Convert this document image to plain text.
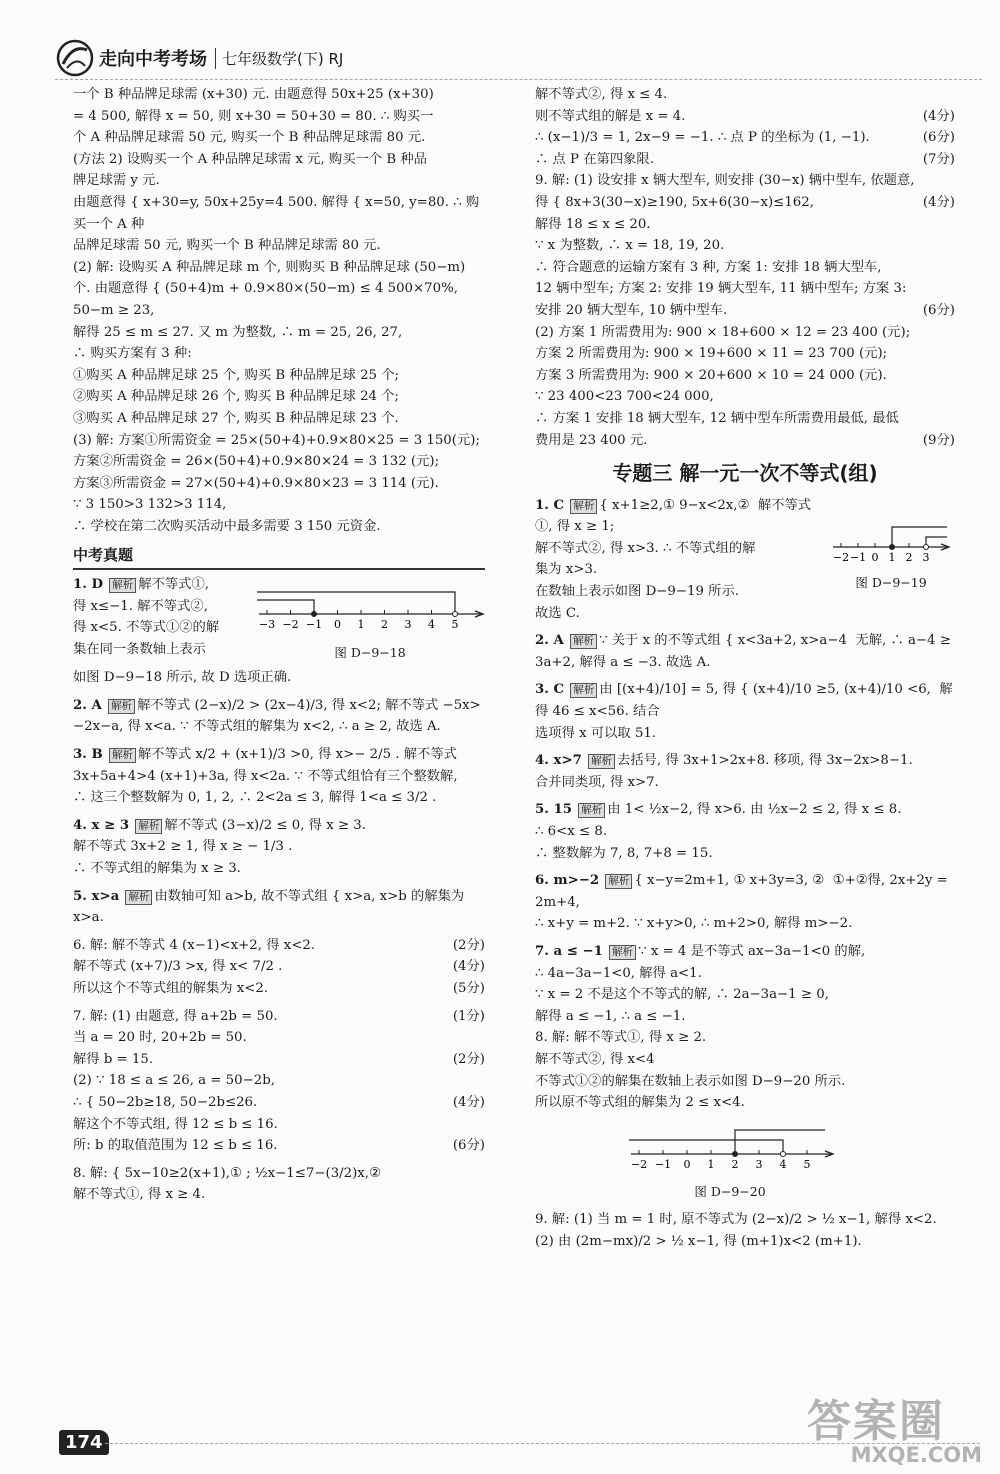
走向中考考场	七年级数学(下) RJ

一个 B 种品牌足球需 (x+30) 元. 由题意得 50x+25 (x+30)

= 4 500, 解得 x = 50, 则 x+30 = 50+30 = 80. ∴ 购买一

个 A 种品牌足球需 50 元, 购买一个 B 种品牌足球需 80 元.

(方法 2) 设购买一个 A 种品牌足球需 x 元, 购买一个 B 种品

牌足球需 y 元.

由题意得 { x+30=y, 50x+25y=4 500. 解得 { x=50, y=80. ∴ 购买一个 A 种

品牌足球需 50 元, 购买一个 B 种品牌足球需 80 元.

(2) 解: 设购买 A 种品牌足球 m 个, 则购买 B 种品牌足球 (50−m)

个. 由题意得 { (50+4)m + 0.9×80×(50−m) ≤ 4 500×70%, 50−m ≥ 23,

解得 25 ≤ m ≤ 27. 又 m 为整数, ∴ m = 25, 26, 27,

∴ 购买方案有 3 种:

①购买 A 种品牌足球 25 个, 购买 B 种品牌足球 25 个;

②购买 A 种品牌足球 26 个, 购买 B 种品牌足球 24 个;

③购买 A 种品牌足球 27 个, 购买 B 种品牌足球 23 个.

(3) 解: 方案①所需资金 = 25×(50+4)+0.9×80×25 = 3 150(元);

方案②所需资金 = 26×(50+4)+0.9×80×24 = 3 132 (元);

方案③所需资金 = 27×(50+4)+0.9×80×23 = 3 114 (元).

∵ 3 150>3 132>3 114,

∴ 学校在第二次购买活动中最多需要 3 150 元资金.

中考真题

1. D 解析 解不等式①,

得 x≤−1. 解不等式②,

得 x<5. 不等式①②的解

集在同一条数轴上表示

−3 −2 −1 0 1 2 3 4 5
图 D−9−18

如图 D−9−18 所示, 故 D 选项正确.

2. A 解析 解不等式 (2−x)/2 > (2x−4)/3, 得 x<2; 解不等式 −5x>

−2x−a, 得 x<a. ∵ 不等式组的解集为 x<2, ∴ a ≥ 2, 故选 A.

3. B 解析 解不等式 x/2 + (x+1)/3 >0, 得 x>− 2/5 . 解不等式

3x+5a+4>4 (x+1)+3a, 得 x<2a. ∵ 不等式组恰有三个整数解,

∴ 这三个整数解为 0, 1, 2, ∴ 2<2a ≤ 3, 解得 1<a ≤ 3/2 .

4. x ≥ 3 解析 解不等式 (3−x)/2 ≤ 0, 得 x ≥ 3.

解不等式 3x+2 ≥ 1, 得 x ≥ − 1/3 .

∴ 不等式组的解集为 x ≥ 3.

5. x>a 解析 由数轴可知 a>b, 故不等式组 { x>a, x>b 的解集为 x>a.

6. 解: 解不等式 4 (x−1)<x+2, 得 x<2.	(2分)
解不等式 (x+7)/3 >x, 得 x< 7/2 .	(4分)
所以这个不等式组的解集为 x<2.	(5分)
7. 解: (1) 由题意, 得 a+2b = 50.	(1分)
当 a = 20 时, 20+2b = 50.
解得 b = 15.	(2分)
(2) ∵ 18 ≤ a ≤ 26, a = 50−2b,
∴ { 50−2b≥18, 50−2b≤26.	(4分)
解这个不等式组, 得 12 ≤ b ≤ 16.
所: b 的取值范围为 12 ≤ b ≤ 16.	(6分)

8. 解: { 5x−10≥2(x+1),① ; ½x−1≤7−(3/2)x,②

解不等式①, 得 x ≥ 4.

解不等式②, 得 x ≤ 4.
则不等式组的解是 x = 4.	(4分)
∴ (x−1)/3 = 1, 2x−9 = −1. ∴ 点 P 的坐标为 (1, −1).	(6分)
∴ 点 P 在第四象限.	(7分)
9. 解: (1) 设安排 x 辆大型车, 则安排 (30−x) 辆中型车, 依题意,
得 { 8x+3(30−x)≥190, 5x+6(30−x)≤162,	(4分)
解得 18 ≤ x ≤ 20.
∵ x 为整数, ∴ x = 18, 19, 20.
∴ 符合题意的运输方案有 3 种, 方案 1: 安排 18 辆大型车,
12 辆中型车; 方案 2: 安排 19 辆大型车, 11 辆中型车; 方案 3:
安排 20 辆大型车, 10 辆中型车.	(6分)
(2) 方案 1 所需费用为: 900 × 18+600 × 12 = 23 400 (元);
方案 2 所需费用为: 900 × 19+600 × 11 = 23 700 (元);
方案 3 所需费用为: 900 × 20+600 × 10 = 24 000 (元).
∵ 23 400<23 700<24 000,
∴ 方案 1 安排 18 辆大型车, 12 辆中型车所需费用最低, 最低
费用是 23 400 元.	(9分)
专题三 解一元一次不等式(组)

1. C 解析 { x+1≥2,① 9−x<2x,②  解不等式①, 得 x ≥ 1;

解不等式②, 得 x>3. ∴ 不等式组的解

集为 x>3.

在数轴上表示如图 D−9−19 所示.

故选 C.

−2 −1 0 1 2 3
图 D−9−19

2. A 解析 ∵ 关于 x 的不等式组 { x<3a+2, x>a−4  无解, ∴ a−4 ≥

3a+2, 解得 a ≤ −3. 故选 A.

3. C 解析 由 [(x+4)/10] = 5, 得 { (x+4)/10 ≥5, (x+4)/10 <6,  解得 46 ≤ x<56. 结合

选项得 x 可以取 51.

4. x>7 解析 去括号, 得 3x+1>2x+8. 移项, 得 3x−2x>8−1.

合并同类项, 得 x>7.

5. 15 解析 由 1< ½x−2, 得 x>6. 由 ½x−2 ≤ 2, 得 x ≤ 8.

∴ 6<x ≤ 8.

∴ 整数解为 7, 8, 7+8 = 15.

6. m>−2 解析 { x−y=2m+1, ① x+3y=3, ②  ①+②得, 2x+2y = 2m+4,

∴ x+y = m+2. ∵ x+y>0, ∴ m+2>0, 解得 m>−2.

7. a ≤ −1 解析 ∵ x = 4 是不等式 ax−3a−1<0 的解,

∴ 4a−3a−1<0, 解得 a<1.

∵ x = 2 不是这个不等式的解, ∴ 2a−3a−1 ≥ 0,

解得 a ≤ −1, ∴ a ≤ −1.

8. 解: 解不等式①, 得 x ≥ 2.

解不等式②, 得 x<4

不等式①②的解集在数轴上表示如图 D−9−20 所示.

所以原不等式组的解集为 2 ≤ x<4.

−2 −1 0 1 2 3 4 5
图 D−9−20

9. 解: (1) 当 m = 1 时, 原不等式为 (2−x)/2 > ½ x−1, 解得 x<2.

(2) 由 (2m−mx)/2 > ½ x−1, 得 (m+1)x<2 (m+1).

174	答案圈
MXQE.COM
